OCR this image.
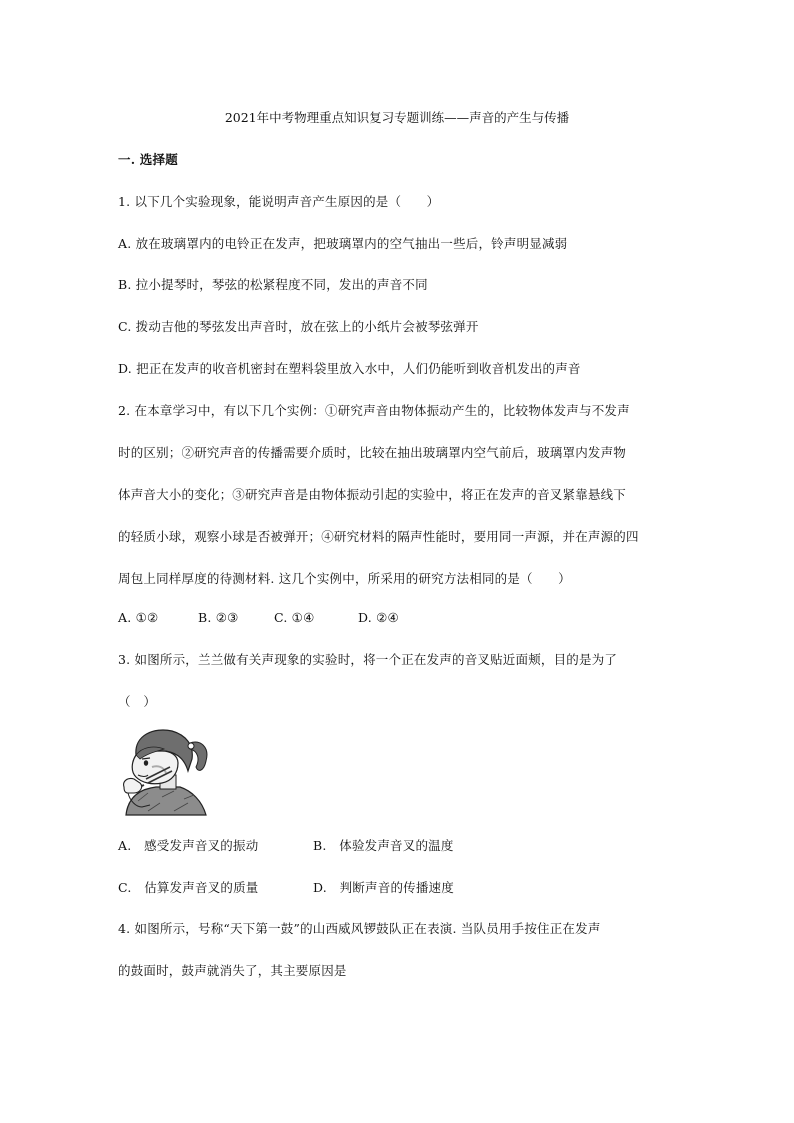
2021年中考物理重点知识复习专题训练——声音的产生与传播
一. 选择题
1. 以下几个实验现象，能说明声音产生原因的是（　　）
A. 放在玻璃罩内的电铃正在发声，把玻璃罩内的空气抽出一些后，铃声明显减弱
B. 拉小提琴时，琴弦的松紧程度不同，发出的声音不同
C. 拨动吉他的琴弦发出声音时，放在弦上的小纸片会被琴弦弹开
D. 把正在发声的收音机密封在塑料袋里放入水中，人们仍能听到收音机发出的声音
2. 在本章学习中，有以下几个实例：①研究声音由物体振动产生的，比较物体发声与不发声
时的区别；②研究声音的传播需要介质时，比较在抽出玻璃罩内空气前后，玻璃罩内发声物
体声音大小的变化；③研究声音是由物体振动引起的实验中，将正在发声的音叉紧靠悬线下
的轻质小球，观察小球是否被弹开；④研究材料的隔声性能时，要用同一声源，并在声源的四
周包上同样厚度的待测材料. 这几个实例中，所采用的研究方法相同的是（　　）
A. ①②	B. ②③	C. ①④	D. ②④
3. 如图所示，兰兰做有关声现象的实验时，将一个正在发声的音叉贴近面颊，目的是为了
（　）
A.　感受发声音叉的振动	B.　体验发声音叉的温度
C.　估算发声音叉的质量	D.　判断声音的传播速度
4. 如图所示，号称“天下第一鼓”的山西威风锣鼓队正在表演. 当队员用手按住正在发声
的鼓面时，鼓声就消失了，其主要原因是
